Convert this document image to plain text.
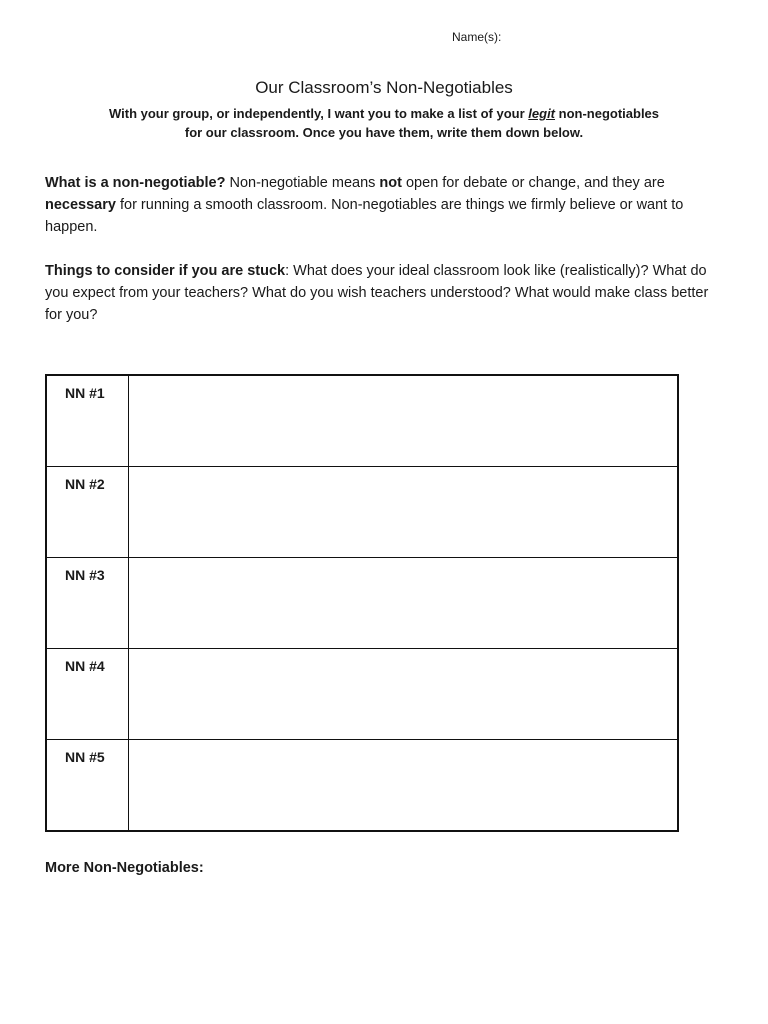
Name(s):
Our Classroom’s Non-Negotiables

With your group, or independently, I want you to make a list of your legit non-negotiables
for our classroom. Once you have them, write them down below.

What is a non-negotiable? Non-negotiable means not open for debate or change, and they are necessary for running a smooth classroom. Non-negotiables are things we firmly believe or want to happen.

Things to consider if you are stuck: What does your ideal classroom look like (realistically)? What do you expect from your teachers? What do you wish teachers understood? What would make class better for you?

NN #1	
NN #2	
NN #3	
NN #4	
NN #5	
More Non-Negotiables:
